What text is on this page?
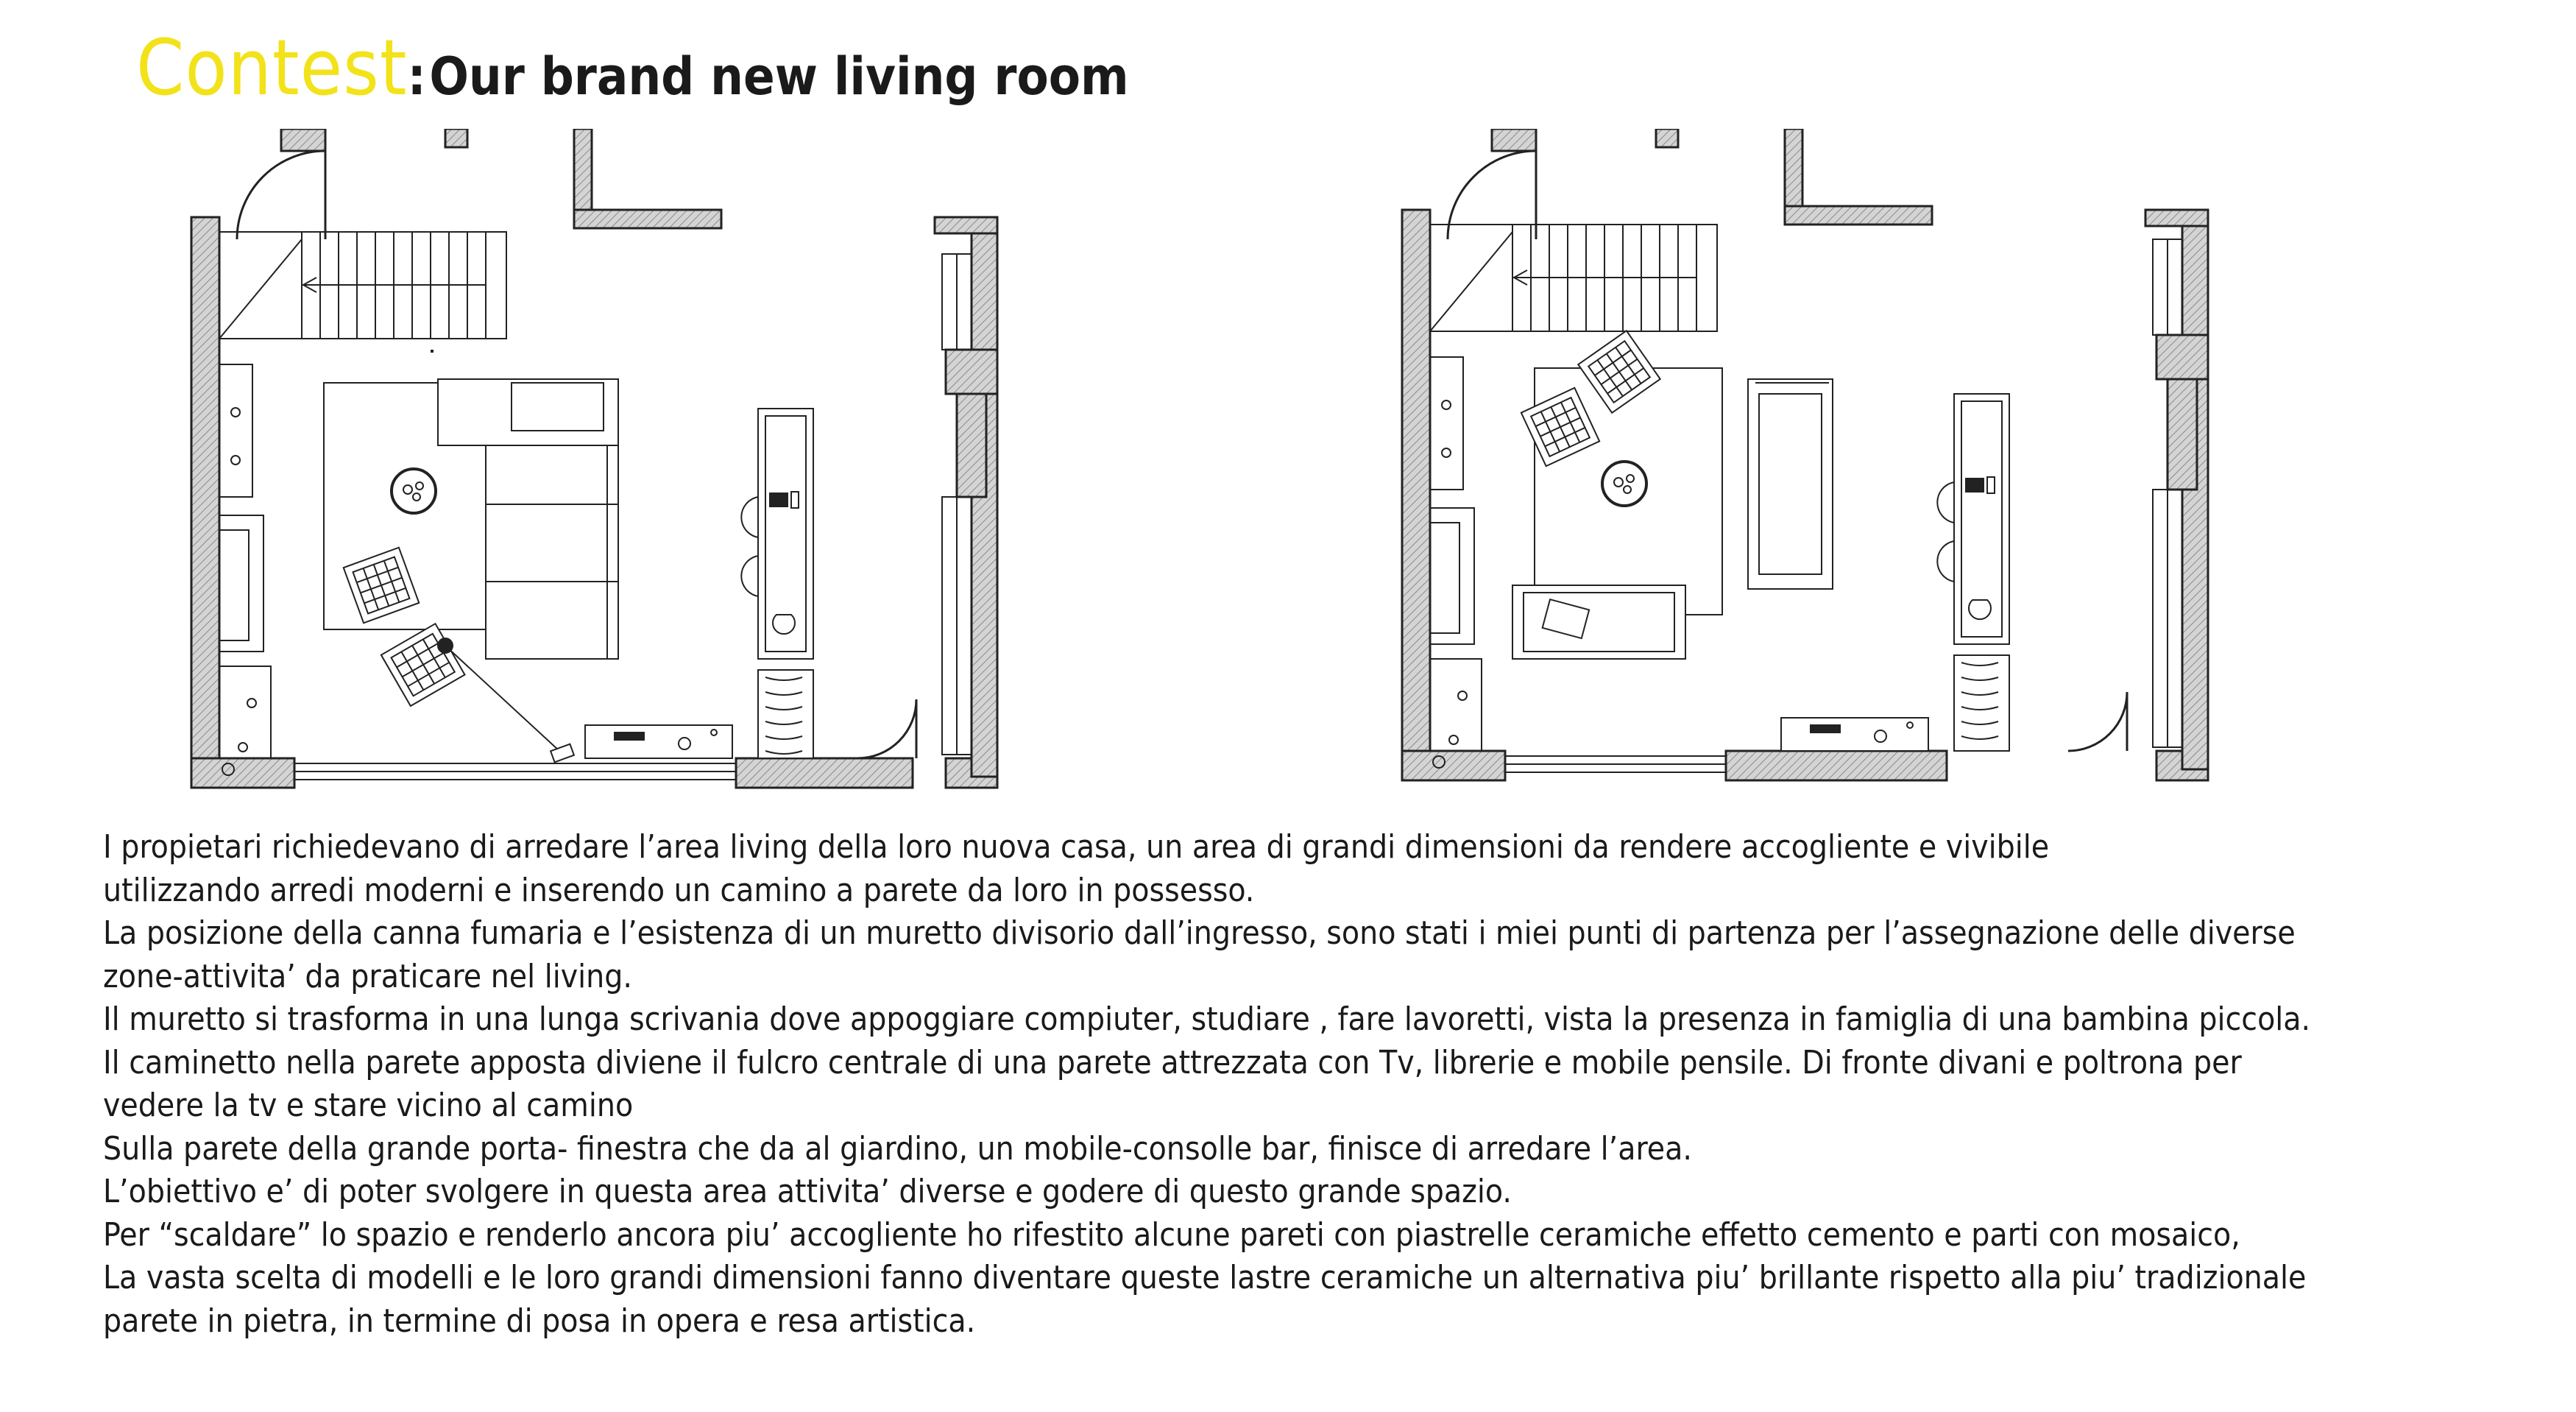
Contest: Our brand new living room

I propietari richiedevano di arredare l’area living della loro nuova casa, un area di grandi dimensioni da rendere accogliente e vivibile

utilizzando arredi moderni e inserendo un camino a parete da loro in possesso.

La posizione della canna fumaria e l’esistenza di un muretto divisorio dall’ingresso, sono stati i miei punti di partenza per l’assegnazione delle diverse

zone-attivita’ da praticare nel living.

Il muretto si trasforma in una lunga scrivania dove appoggiare compiuter, studiare , fare lavoretti, vista la presenza in famiglia di una bambina piccola.

Il caminetto nella parete apposta diviene il fulcro centrale di una parete attrezzata con Tv, librerie e mobile pensile. Di fronte divani e poltrona per

vedere la tv e stare vicino al camino

Sulla parete della grande porta- finestra che da al giardino, un mobile-consolle bar, finisce di arredare l’area.

L’obiettivo e’ di poter svolgere in questa area attivita’ diverse e godere di questo grande spazio.

Per “scaldare” lo spazio e renderlo ancora piu’ accogliente ho rifestito alcune pareti con piastrelle ceramiche effetto cemento e parti con mosaico,

La vasta scelta di modelli e le loro grandi dimensioni fanno diventare queste lastre ceramiche un alternativa piu’ brillante rispetto alla piu’ tradizionale

parete in pietra, in termine di posa in opera e resa artistica.
